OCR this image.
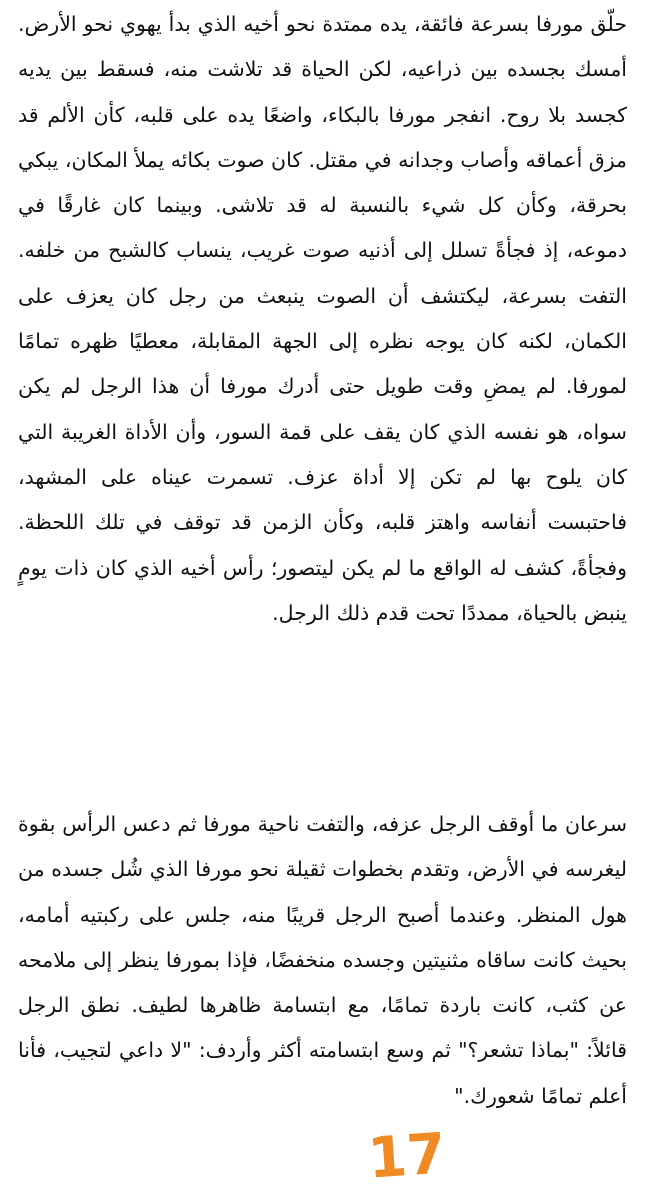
حلّق مورفا بسرعة فائقة، يده ممتدة نحو أخيه الذي بدأ يهوي نحو الأرض. أمسك بجسده بين ذراعيه، لكن الحياة قد تلاشت منه، فسقط بين يديه كجسد بلا روح. انفجر مورفا بالبكاء، واضعًا يده على قلبه، كأن الألم قد مزق أعماقه وأصاب وجدانه في مقتل. كان صوت بكائه يملأ المكان، يبكي بحرقة، وكأن كل شيء بالنسبة له قد تلاشى. وبينما كان غارقًا في دموعه، إذ فجأةً تسلل إلى أذنيه صوت غريب، ينساب كالشبح من خلفه. التفت بسرعة، ليكتشف أن الصوت ينبعث من رجل كان يعزف على الكمان، لكنه كان يوجه نظره إلى الجهة المقابلة، معطيًا ظهره تمامًا لمورفا. لم يمضِ وقت طويل حتى أدرك مورفا أن هذا الرجل لم يكن سواه، هو نفسه الذي كان يقف على قمة السور، وأن الأداة الغريبة التي كان يلوح بها لم تكن إلا أداة عزف. تسمرت عيناه على المشهد، فاحتبست أنفاسه واهتز قلبه، وكأن الزمن قد توقف في تلك اللحظة. وفجأةً، كشف له الواقع ما لم يكن ليتصور؛ رأس أخيه الذي كان ذات يومٍ ينبض بالحياة، ممددًا تحت قدم ذلك الرجل.

سرعان ما أوقف الرجل عزفه، والتفت ناحية مورفا ثم دعس الرأس بقوة ليغرسه في الأرض، وتقدم بخطوات ثقيلة نحو مورفا الذي شُل جسده من هول المنظر. وعندما أصبح الرجل قريبًا منه، جلس على ركبتيه أمامه، بحيث كانت ساقاه مثنيتين وجسده منخفضًا، فإذا بمورفا ينظر إلى ملامحه عن كثب، كانت باردة تمامًا، مع ابتسامة ظاهرها لطيف. نطق الرجل قائلاً: "بماذا تشعر؟" ثم وسع ابتسامته أكثر وأردف: "لا داعي لتجيب، فأنا أعلم تمامًا شعورك."

17
